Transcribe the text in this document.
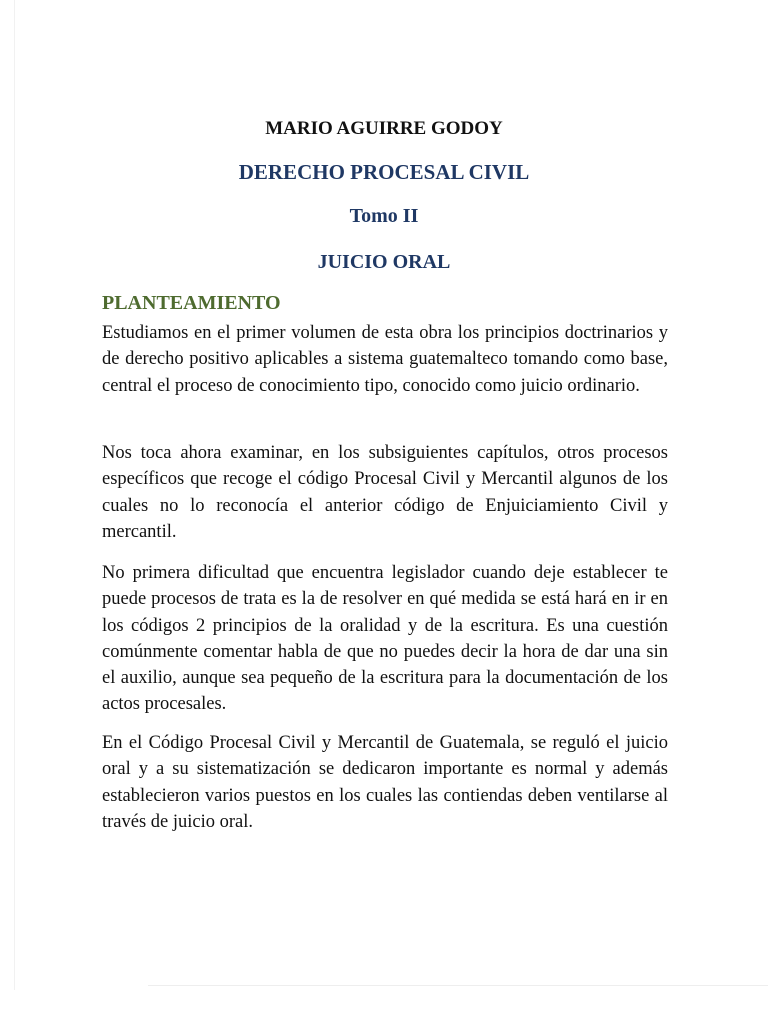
MARIO AGUIRRE GODOY
DERECHO PROCESAL CIVIL
Tomo II
JUICIO ORAL
PLANTEAMIENTO

Estudiamos en el primer volumen de esta obra los principios doctrinarios y de derecho positivo aplicables a sistema guatemalteco tomando como base, central el proceso de conocimiento tipo, conocido como juicio ordinario.

Nos toca ahora examinar, en los subsiguientes capítulos, otros procesos específicos que recoge el código Procesal Civil y Mercantil algunos de los cuales no lo reconocía el anterior código de Enjuiciamiento Civil y mercantil.

No primera dificultad que encuentra legislador cuando deje establecer te puede procesos de trata es la de resolver en qué medida se está hará en ir en los códigos 2 principios de la oralidad y de la escritura. Es una cuestión comúnmente comentar habla de que no puedes decir la hora de dar una sin el auxilio, aunque sea pequeño de la escritura para la documentación de los actos procesales.

En el Código Procesal Civil y Mercantil de Guatemala, se reguló el juicio oral y a su sistematización se dedicaron importante es normal y además establecieron varios puestos en los cuales las contiendas deben ventilarse al través de juicio oral.
